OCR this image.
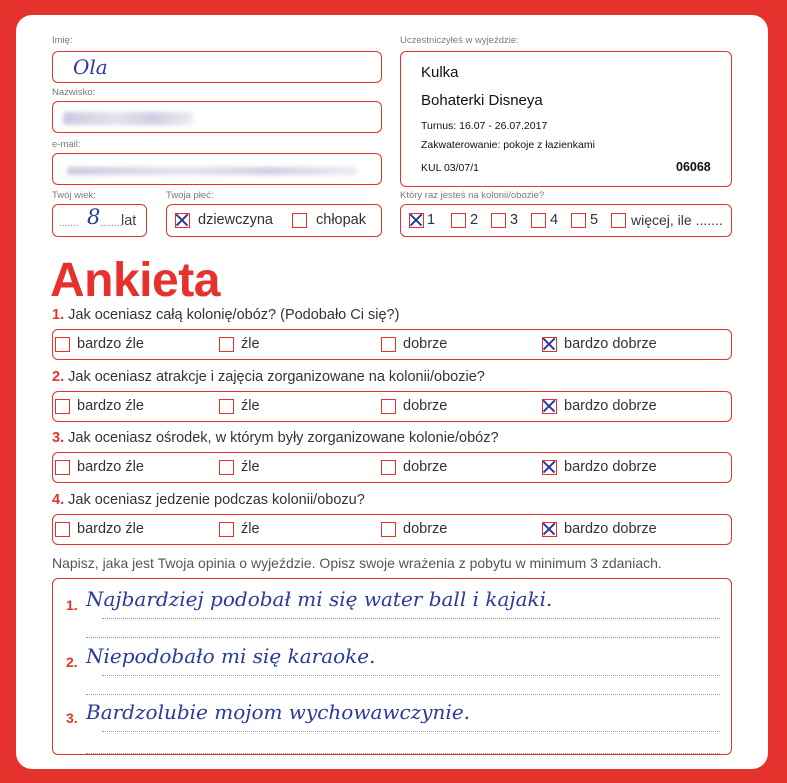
Imię:
Ola
Nazwisko:
e-mail:
Twój wiek:
....... 8 ........
lat
Twoja płeć:
dziewczyna	chłopak
Uczestniczyłeś w wyjeździe:
Kulka
Bohaterki Disneya
Turnus: 16.07 - 26.07.2017
Zakwaterowanie: pokoje z łazienkami
KUL 03/07/1	06068
Który raz jesteś na kolonii/obozie?
1 2 3 4 5 więcej, ile .......
Ankieta
1. Jak oceniasz całą kolonię/obóz? (Podobało Ci się?)
bardzo źle	źle	dobrze	bardzo dobrze
2. Jak oceniasz atrakcje i zajęcia zorganizowane na kolonii/obozie?
bardzo źle	źle	dobrze	bardzo dobrze
3. Jak oceniasz ośrodek, w którym były zorganizowane kolonie/obóz?
bardzo źle	źle	dobrze	bardzo dobrze
4. Jak oceniasz jedzenie podczas kolonii/obozu?
bardzo źle	źle	dobrze	bardzo dobrze
Napisz, jaka jest Twoja opinia o wyjeździe. Opisz swoje wrażenia z pobytu w minimum 3 zdaniach.
1. Najbardziej podobał mi się water ball i kajaki.
2. Niepodobało mi się karaoke.
3. Bardzolubie mojom wychowawczynie.
